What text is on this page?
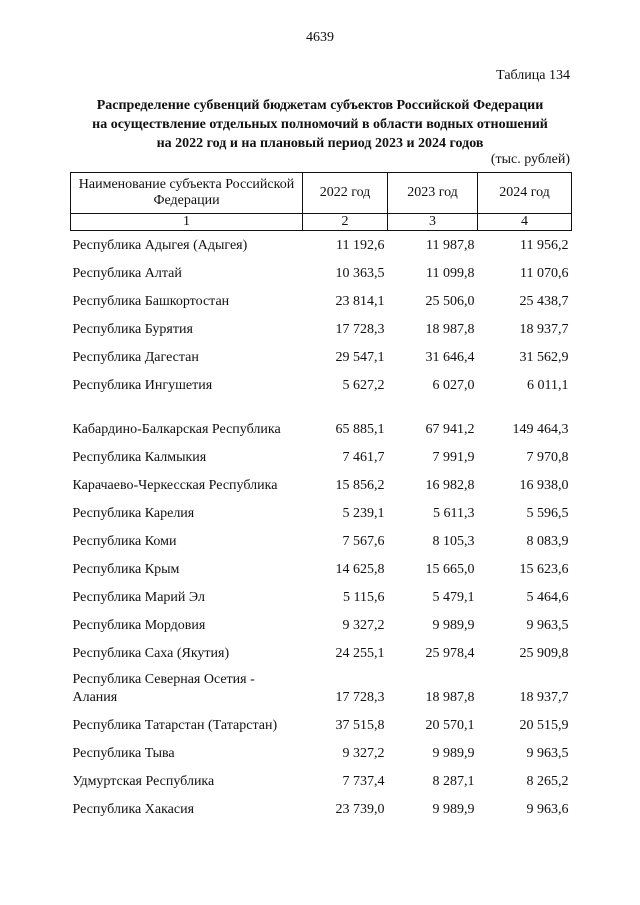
4639
Таблица 134
Распределение субвенций бюджетам субъектов Российской Федерации
на осуществление отдельных полномочий в области водных отношений
на 2022 год и на плановый период 2023 и 2024 годов
(тыс. рублей)
Наименование субъекта Российской Федерации	2022 год	2023 год	2024 год
1	2	3	4
Республика Адыгея (Адыгея)	11 192,6	11 987,8	11 956,2
Республика Алтай	10 363,5	11 099,8	11 070,6
Республика Башкортостан	23 814,1	25 506,0	25 438,7
Республика Бурятия	17 728,3	18 987,8	18 937,7
Республика Дагестан	29 547,1	31 646,4	31 562,9
Республика Ингушетия	5 627,2	6 027,0	6 011,1
Кабардино-Балкарская Республика	65 885,1	67 941,2	149 464,3
Республика Калмыкия	7 461,7	7 991,9	7 970,8
Карачаево-Черкесская Республика	15 856,2	16 982,8	16 938,0
Республика Карелия	5 239,1	5 611,3	5 596,5
Республика Коми	7 567,6	8 105,3	8 083,9
Республика Крым	14 625,8	15 665,0	15 623,6
Республика Марий Эл	5 115,6	5 479,1	5 464,6
Республика Мордовия	9 327,2	9 989,9	9 963,5
Республика Саха (Якутия)	24 255,1	25 978,4	25 909,8
Республика Северная Осетия - Алания	17 728,3	18 987,8	18 937,7
Республика Татарстан (Татарстан)	37 515,8	20 570,1	20 515,9
Республика Тыва	9 327,2	9 989,9	9 963,5
Удмуртская Республика	7 737,4	8 287,1	8 265,2
Республика Хакасия	23 739,0	9 989,9	9 963,6
